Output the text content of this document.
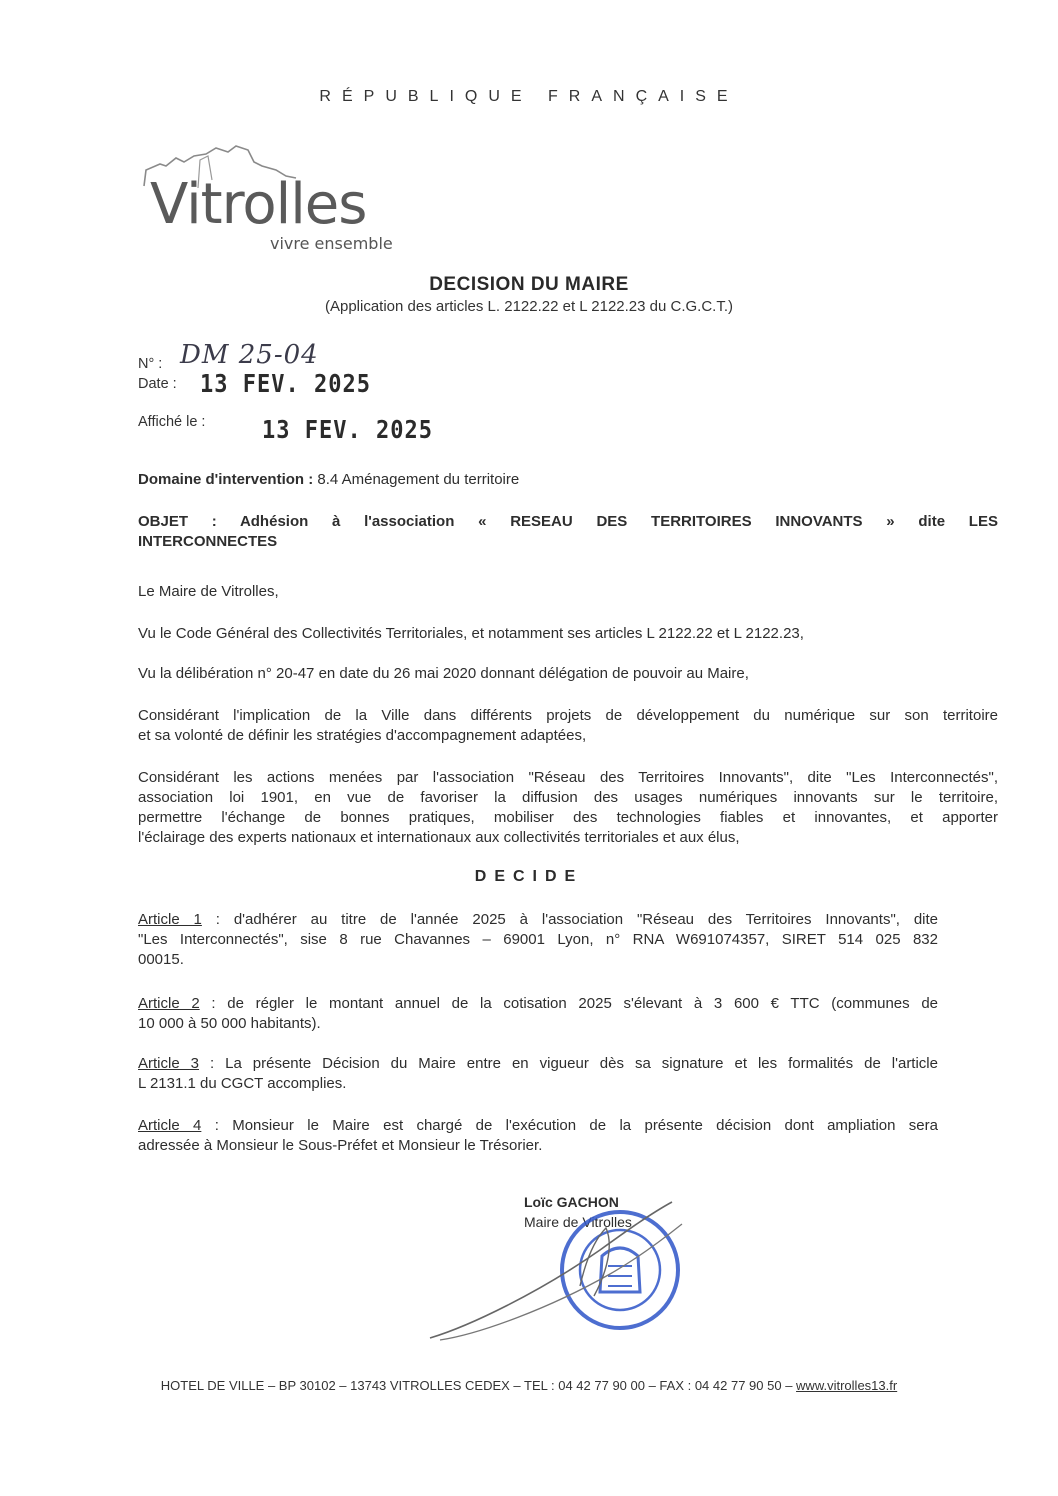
RÉPUBLIQUE FRANÇAISE
Vitrolles
vivre ensemble
DECISION DU MAIRE
(Application des articles L. 2122.22 et L 2122.23 du C.G.C.T.)
N° : DM 25-04
Date : 13 FEV. 2025
Affiché le :	13 FEV. 2025
Domaine d'intervention : 8.4 Aménagement du territoire
OBJET : Adhésion à l'association « RESEAU DES TERRITOIRES INNOVANTS » dite LES
INTERCONNECTES
Le Maire de Vitrolles,
Vu le Code Général des Collectivités Territoriales, et notamment ses articles L 2122.22 et L 2122.23,
Vu la délibération n° 20-47 en date du 26 mai 2020 donnant délégation de pouvoir au Maire,
Considérant l'implication de la Ville dans différents projets de développement du numérique sur son territoire
et sa volonté de définir les stratégies d'accompagnement adaptées,
Considérant les actions menées par l'association "Réseau des Territoires Innovants", dite "Les Interconnectés",
association loi 1901, en vue de favoriser la diffusion des usages numériques innovants sur le territoire,
permettre l'échange de bonnes pratiques, mobiliser des technologies fiables et innovantes, et apporter
l'éclairage des experts nationaux et internationaux aux collectivités territoriales et aux élus,
DECIDE
Article 1 : d'adhérer au titre de l'année 2025 à l'association "Réseau des Territoires Innovants", dite
"Les Interconnectés", sise 8 rue Chavannes – 69001 Lyon, n° RNA W691074357, SIRET 514 025 832
00015.
Article 2 : de régler le montant annuel de la cotisation 2025 s'élevant à 3 600 € TTC (communes de
10 000 à 50 000 habitants).
Article 3 : La présente Décision du Maire entre en vigueur dès sa signature et les formalités de l'article
L 2131.1 du CGCT accomplies.
Article 4 : Monsieur le Maire est chargé de l'exécution de la présente décision dont ampliation sera
adressée à Monsieur le Sous-Préfet et Monsieur le Trésorier.
Loïc GACHON
Maire de Vitrolles
HOTEL DE VILLE – BP 30102 – 13743 VITROLLES CEDEX – TEL : 04 42 77 90 00 – FAX : 04 42 77 90 50 – www.vitrolles13.fr
